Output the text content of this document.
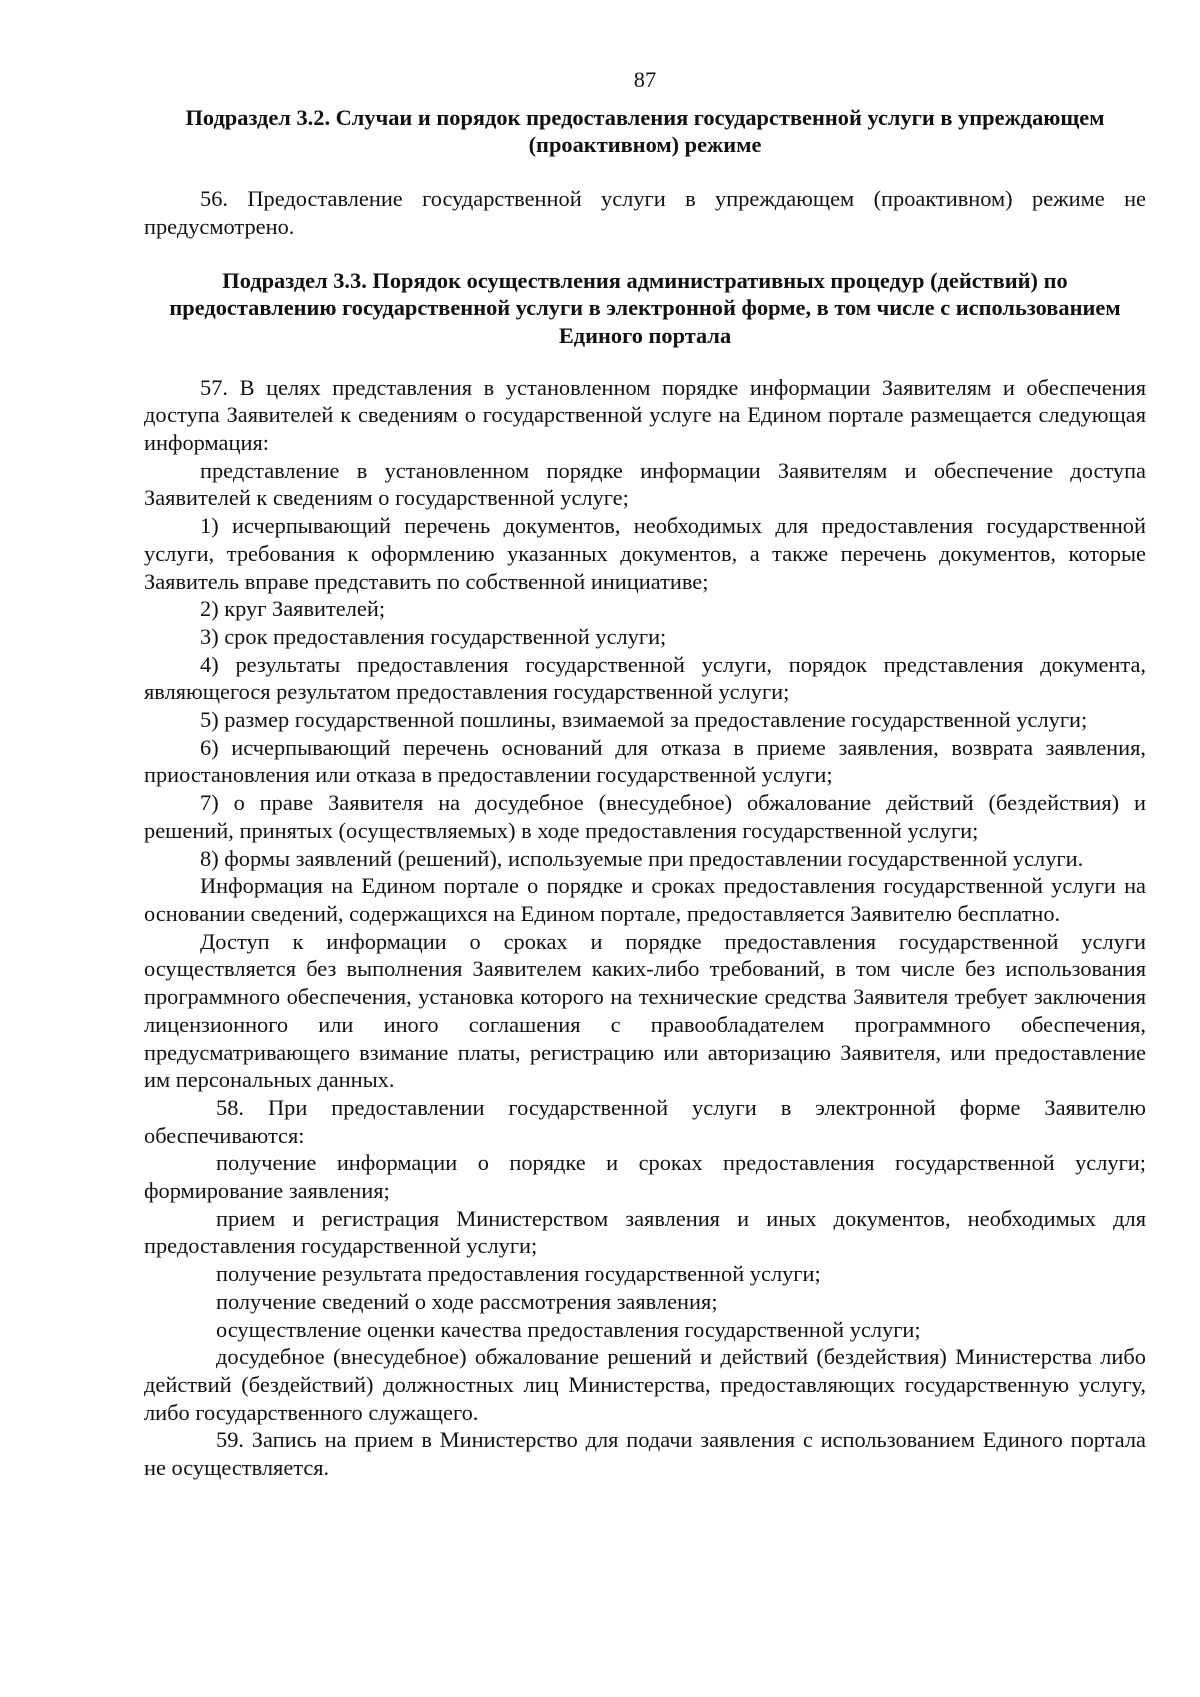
87
Подраздел 3.2. Случаи и порядок предоставления государственной услуги в упреждающем (проактивном) режиме

56. Предоставление государственной услуги в упреждающем (проактивном) режиме не предусмотрено.

Подраздел 3.3. Порядок осуществления административных процедур (действий) по предоставлению государственной услуги в электронной форме, в том числе с использованием Единого портала

57. В целях представления в установленном порядке информации Заявителям и обеспечения доступа Заявителей к сведениям о государственной услуге на Едином портале размещается следующая информация:

представление в установленном порядке информации Заявителям и обеспечение доступа Заявителей к сведениям о государственной услуге;

1) исчерпывающий перечень документов, необходимых для предоставления государственной услуги, требования к оформлению указанных документов, а также перечень документов, которые Заявитель вправе представить по собственной инициативе;

2) круг Заявителей;

3) срок предоставления государственной услуги;

4) результаты предоставления государственной услуги, порядок представления документа, являющегося результатом предоставления государственной услуги;

5) размер государственной пошлины, взимаемой за предоставление государственной услуги;

6) исчерпывающий перечень оснований для отказа в приеме заявления, возврата заявления, приостановления или отказа в предоставлении государственной услуги;

7) о праве Заявителя на досудебное (внесудебное) обжалование действий (бездействия) и решений, принятых (осуществляемых) в ходе предоставления государственной услуги;

8) формы заявлений (решений), используемые при предоставлении государственной услуги.

Информация на Едином портале о порядке и сроках предоставления государственной услуги на основании сведений, содержащихся на Едином портале, предоставляется Заявителю бесплатно.

Доступ к информации о сроках и порядке предоставления государственной услуги осуществляется без выполнения Заявителем каких-либо требований, в том числе без использования программного обеспечения, установка которого на технические средства Заявителя требует заключения лицензионного или иного соглашения с правообладателем программного обеспечения, предусматривающего взимание платы, регистрацию или авторизацию Заявителя, или предоставление им персональных данных.

58. При предоставлении государственной услуги в электронной форме Заявителю обеспечиваются:

получение информации о порядке и сроках предоставления государственной услуги; формирование заявления;

прием и регистрация Министерством заявления и иных документов, необходимых для предоставления государственной услуги;

получение результата предоставления государственной услуги;

получение сведений о ходе рассмотрения заявления;

осуществление оценки качества предоставления государственной услуги;

досудебное (внесудебное) обжалование решений и действий (бездействия) Министерства либо действий (бездействий) должностных лиц Министерства, предоставляющих государственную услугу, либо государственного служащего.

59. Запись на прием в Министерство для подачи заявления с использованием Единого портала не осуществляется.
